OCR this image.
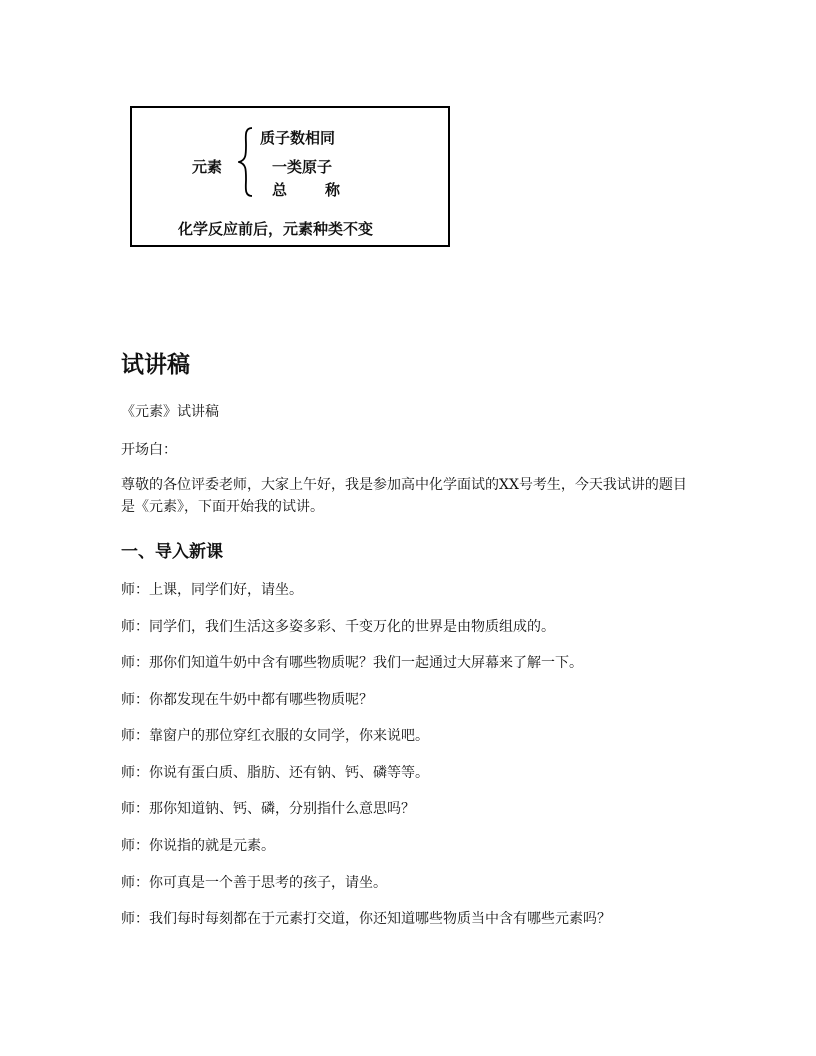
元素
质子数相同
一类原子
总	称
化学反应前后，元素种类不变
试讲稿

《元素》试讲稿

开场白：

尊敬的各位评委老师，大家上午好，我是参加高中化学面试的XX号考生，今天我试讲的题目是《元素》，下面开始我的试讲。

一、导入新课

师：上课，同学们好，请坐。

师：同学们，我们生活这多姿多彩、千变万化的世界是由物质组成的。

师：那你们知道牛奶中含有哪些物质呢？我们一起通过大屏幕来了解一下。

师：你都发现在牛奶中都有哪些物质呢？

师：靠窗户的那位穿红衣服的女同学，你来说吧。

师：你说有蛋白质、脂肪、还有钠、钙、磷等等。

师：那你知道钠、钙、磷，分别指什么意思吗？

师：你说指的就是元素。

师：你可真是一个善于思考的孩子，请坐。

师：我们每时每刻都在于元素打交道，你还知道哪些物质当中含有哪些元素吗？
